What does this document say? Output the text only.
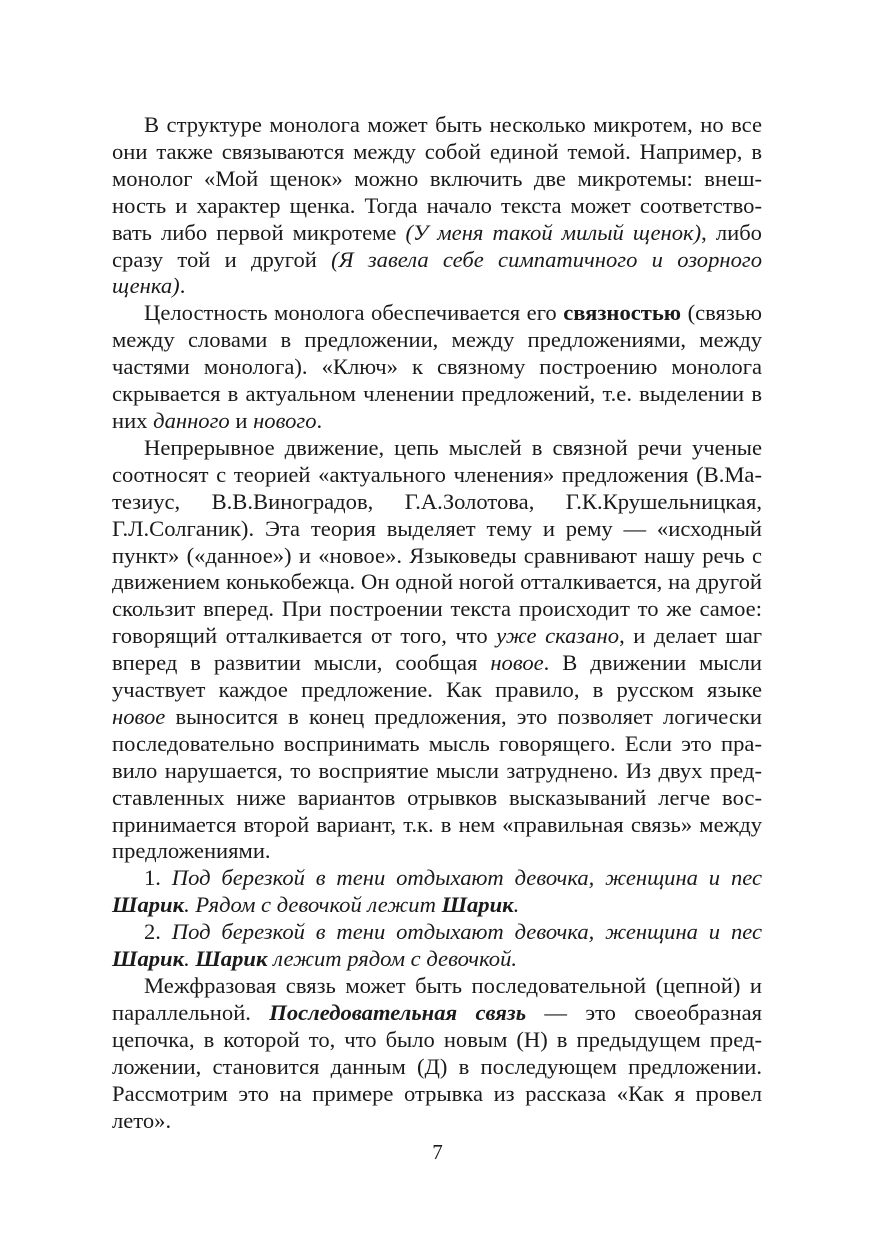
В структуре монолога может быть несколько микротем, но все они также связываются между собой единой темой. Например, в монолог «Мой щенок» можно включить две микротемы: внешность и характер щенка. Тогда начало текста может соответствовать либо первой микротеме (У меня такой милый щенок), либо сразу той и другой (Я завела себе симпатичного и озорного щенка).

Целостность монолога обеспечивается его связностью (связью между словами в предложении, между предложениями, между частями монолога). «Ключ» к связному построению монолога скрывается в актуальном членении предложений, т.е. выделении в них данного и нового.

Непрерывное движение, цепь мыслей в связной речи ученые соотносят с теорией «актуального членения» предложения (В.Матезиус, В.В.Виноградов, Г.А.Золотова, Г.К.Крушельницкая, Г.Л.Солганик). Эта теория выделяет тему и рему — «исходный пункт» («данное») и «новое». Языковеды сравнивают нашу речь с движением конькобежца. Он одной ногой отталкивается, на другой скользит вперед. При построении текста происходит то же самое: говорящий отталкивается от того, что уже сказано, и делает шаг вперед в развитии мысли, сообщая новое. В движении мысли участвует каждое предложение. Как правило, в русском языке новое выносится в конец предложения, это позволяет логически последовательно воспринимать мысль говорящего. Если это правило нарушается, то восприятие мысли затруднено. Из двух представленных ниже вариантов отрывков высказываний легче воспринимается второй вариант, т.к. в нем «правильная связь» между предложениями.

1. Под березкой в тени отдыхают девочка, женщина и пес Шарик. Рядом с девочкой лежит Шарик.

2. Под березкой в тени отдыхают девочка, женщина и пес Шарик. Шарик лежит рядом с девочкой.

Межфразовая связь может быть последовательной (цепной) и параллельной. Последовательная связь — это своеобразная цепочка, в которой то, что было новым (Н) в предыдущем предложении, становится данным (Д) в последующем предложении. Рассмотрим это на примере отрывка из рассказа «Как я провел лето».

7
